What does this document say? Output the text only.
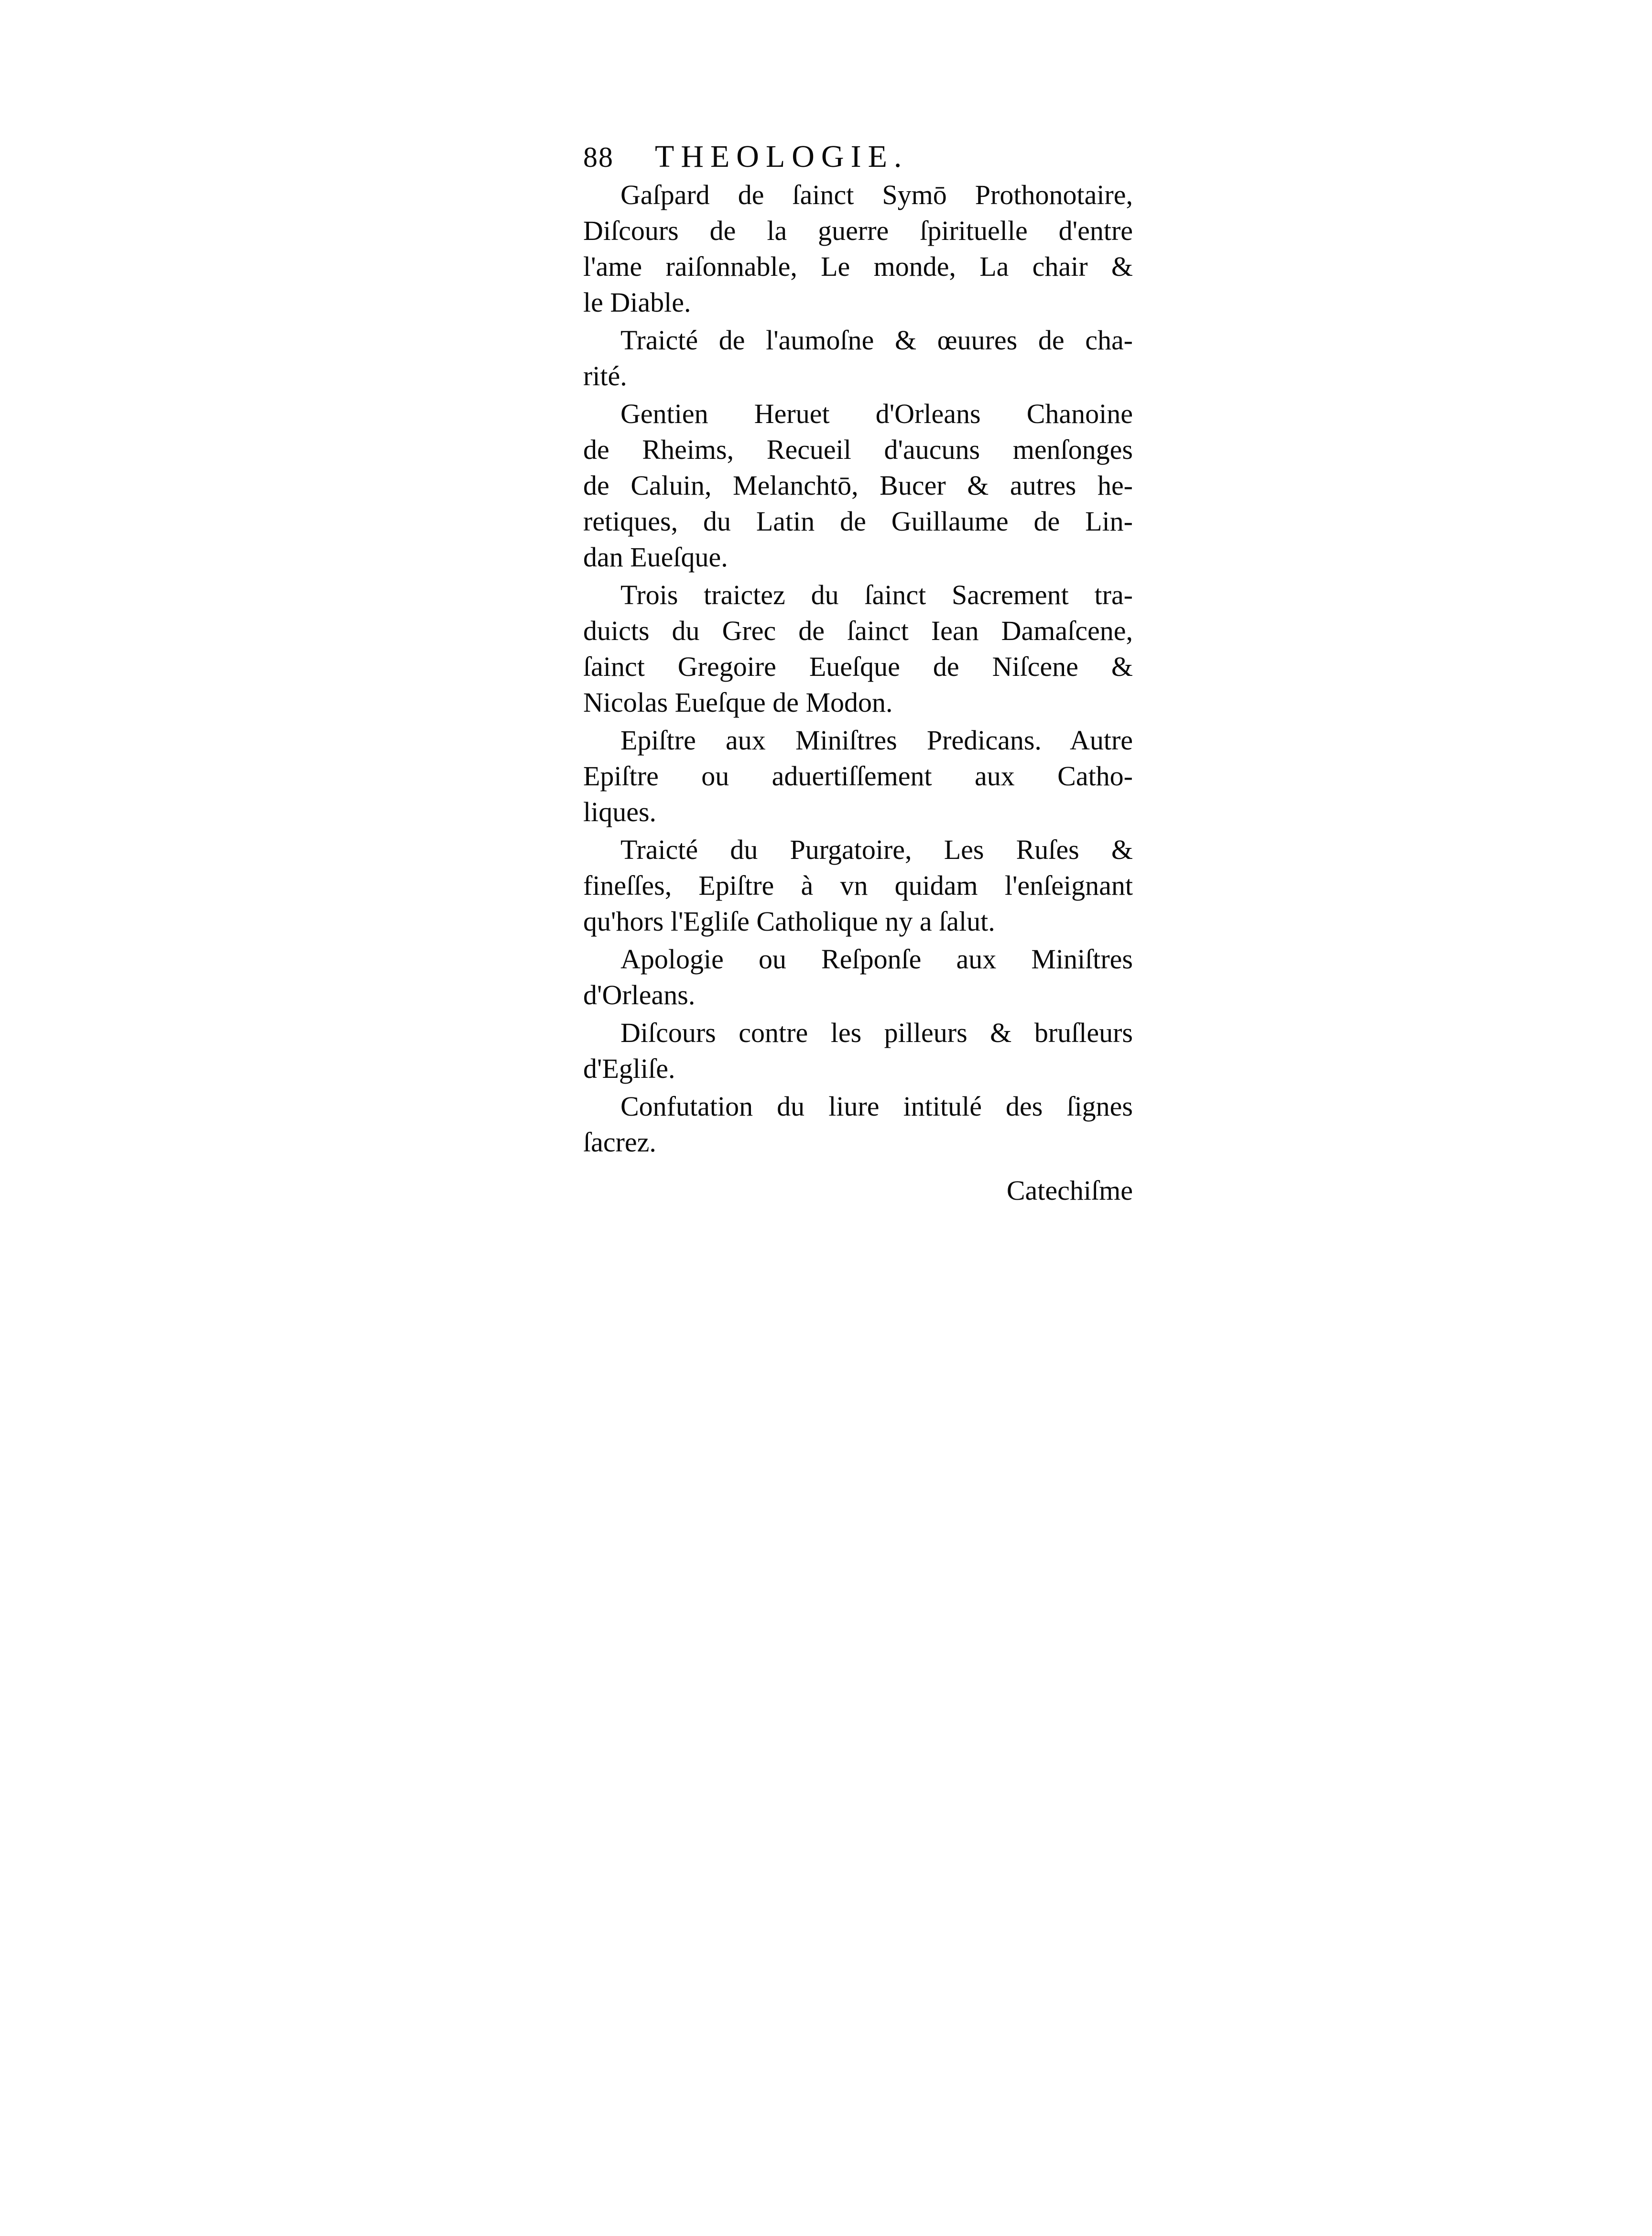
88	THEOLOGIE.

Gaſpard de ſainct Symō Prothonotaire,
Diſcours de la guerre ſpirituelle d'entre
l'ame raiſonnable, Le monde, La chair &
le Diable.

Traicté de l'aumoſne & œuures de cha-
rité.

Gentien Heruet d'Orleans Chanoine
de Rheims, Recueil d'aucuns menſonges
de Caluin, Melanchtō, Bucer & autres he-
retiques, du Latin de Guillaume de Lin-
dan Eueſque.

Trois traictez du ſainct Sacrement tra-
duicts du Grec de ſainct Iean Damaſcene,
ſainct Gregoire Eueſque de Niſcene &
Nicolas Eueſque de Modon.

Epiſtre aux Miniſtres Predicans. Autre
Epiſtre ou aduertiſſement aux Catho-
liques.

Traicté du Purgatoire, Les Ruſes &
fineſſes, Epiſtre à vn quidam l'enſeignant
qu'hors l'Egliſe Catholique ny a ſalut.

Apologie ou Reſponſe aux Miniſtres
d'Orleans.

Diſcours contre les pilleurs & bruſleurs
d'Egliſe.

Confutation du liure intitulé des ſignes
ſacrez.

Catechiſme
